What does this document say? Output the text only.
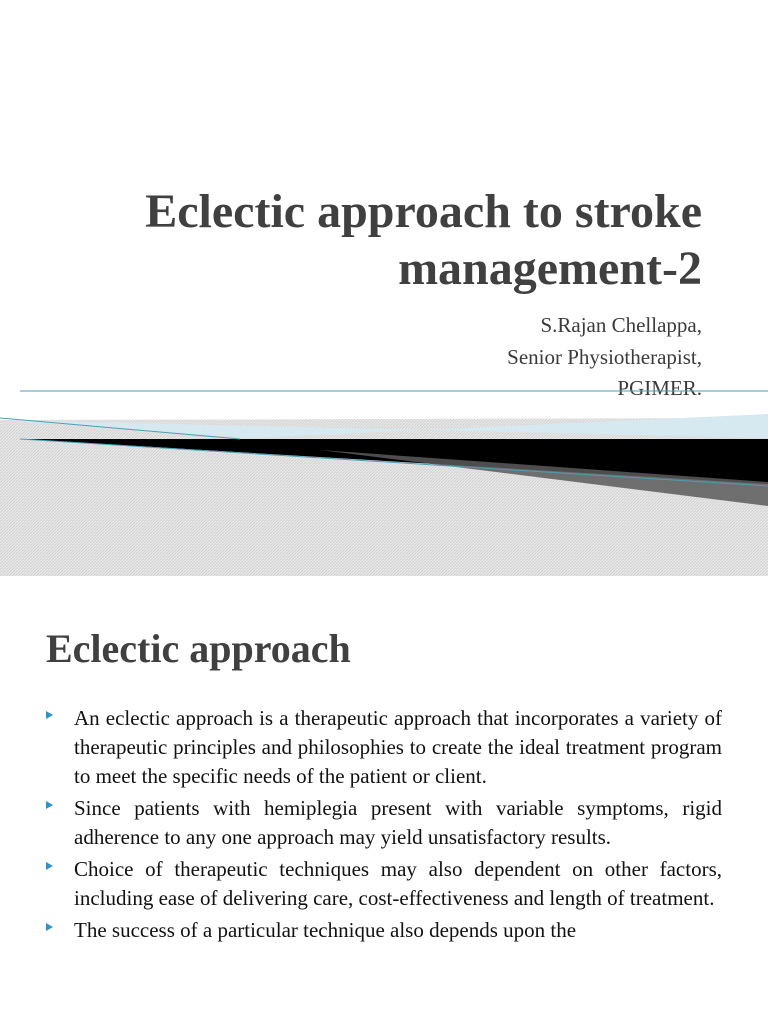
Eclectic approach to stroke
management-2
S.Rajan Chellappa,
Senior Physiotherapist,
PGIMER.
Eclectic approach
An eclectic approach is a therapeutic approach that incorporates a variety of therapeutic principles and philosophies to create the ideal treatment program to meet the specific needs of the patient or client.
Since patients with hemiplegia present with variable symptoms, rigid adherence to any one approach may yield unsatisfactory results.
Choice of therapeutic techniques may also dependent on other factors, including ease of delivering care, cost-effectiveness and length of treatment.
The success of a particular technique also depends upon the
